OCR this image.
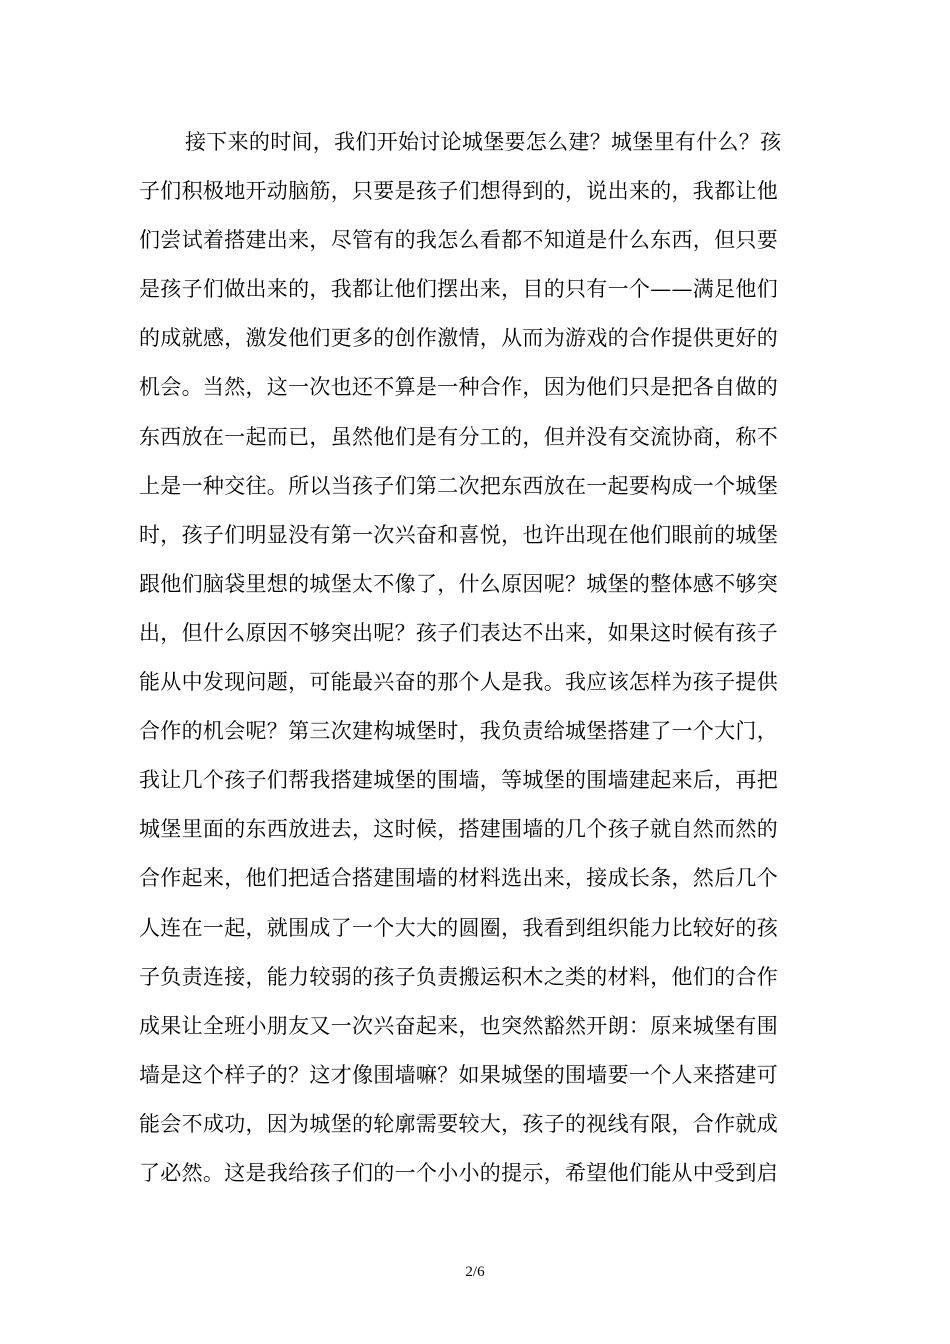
接下来的时间，我们开始讨论城堡要怎么建？城堡里有什么？孩
子们积极地开动脑筋，只要是孩子们想得到的，说出来的，我都让他
们尝试着搭建出来，尽管有的我怎么看都不知道是什么东西，但只要
是孩子们做出来的，我都让他们摆出来，目的只有一个——满足他们
的成就感，激发他们更多的创作激情，从而为游戏的合作提供更好的
机会。当然，这一次也还不算是一种合作，因为他们只是把各自做的
东西放在一起而已，虽然他们是有分工的，但并没有交流协商，称不
上是一种交往。所以当孩子们第二次把东西放在一起要构成一个城堡
时，孩子们明显没有第一次兴奋和喜悦，也许出现在他们眼前的城堡
跟他们脑袋里想的城堡太不像了，什么原因呢？城堡的整体感不够突
出，但什么原因不够突出呢？孩子们表达不出来，如果这时候有孩子
能从中发现问题，可能最兴奋的那个人是我。我应该怎样为孩子提供
合作的机会呢？第三次建构城堡时，我负责给城堡搭建了一个大门，
我让几个孩子们帮我搭建城堡的围墙，等城堡的围墙建起来后，再把
城堡里面的东西放进去，这时候，搭建围墙的几个孩子就自然而然的
合作起来，他们把适合搭建围墙的材料选出来，接成长条，然后几个
人连在一起，就围成了一个大大的圆圈，我看到组织能力比较好的孩
子负责连接，能力较弱的孩子负责搬运积木之类的材料，他们的合作
成果让全班小朋友又一次兴奋起来，也突然豁然开朗：原来城堡有围
墙是这个样子的？这才像围墙嘛？如果城堡的围墙要一个人来搭建可
能会不成功，因为城堡的轮廓需要较大，孩子的视线有限，合作就成
了必然。这是我给孩子们的一个小小的提示，希望他们能从中受到启
2/6
